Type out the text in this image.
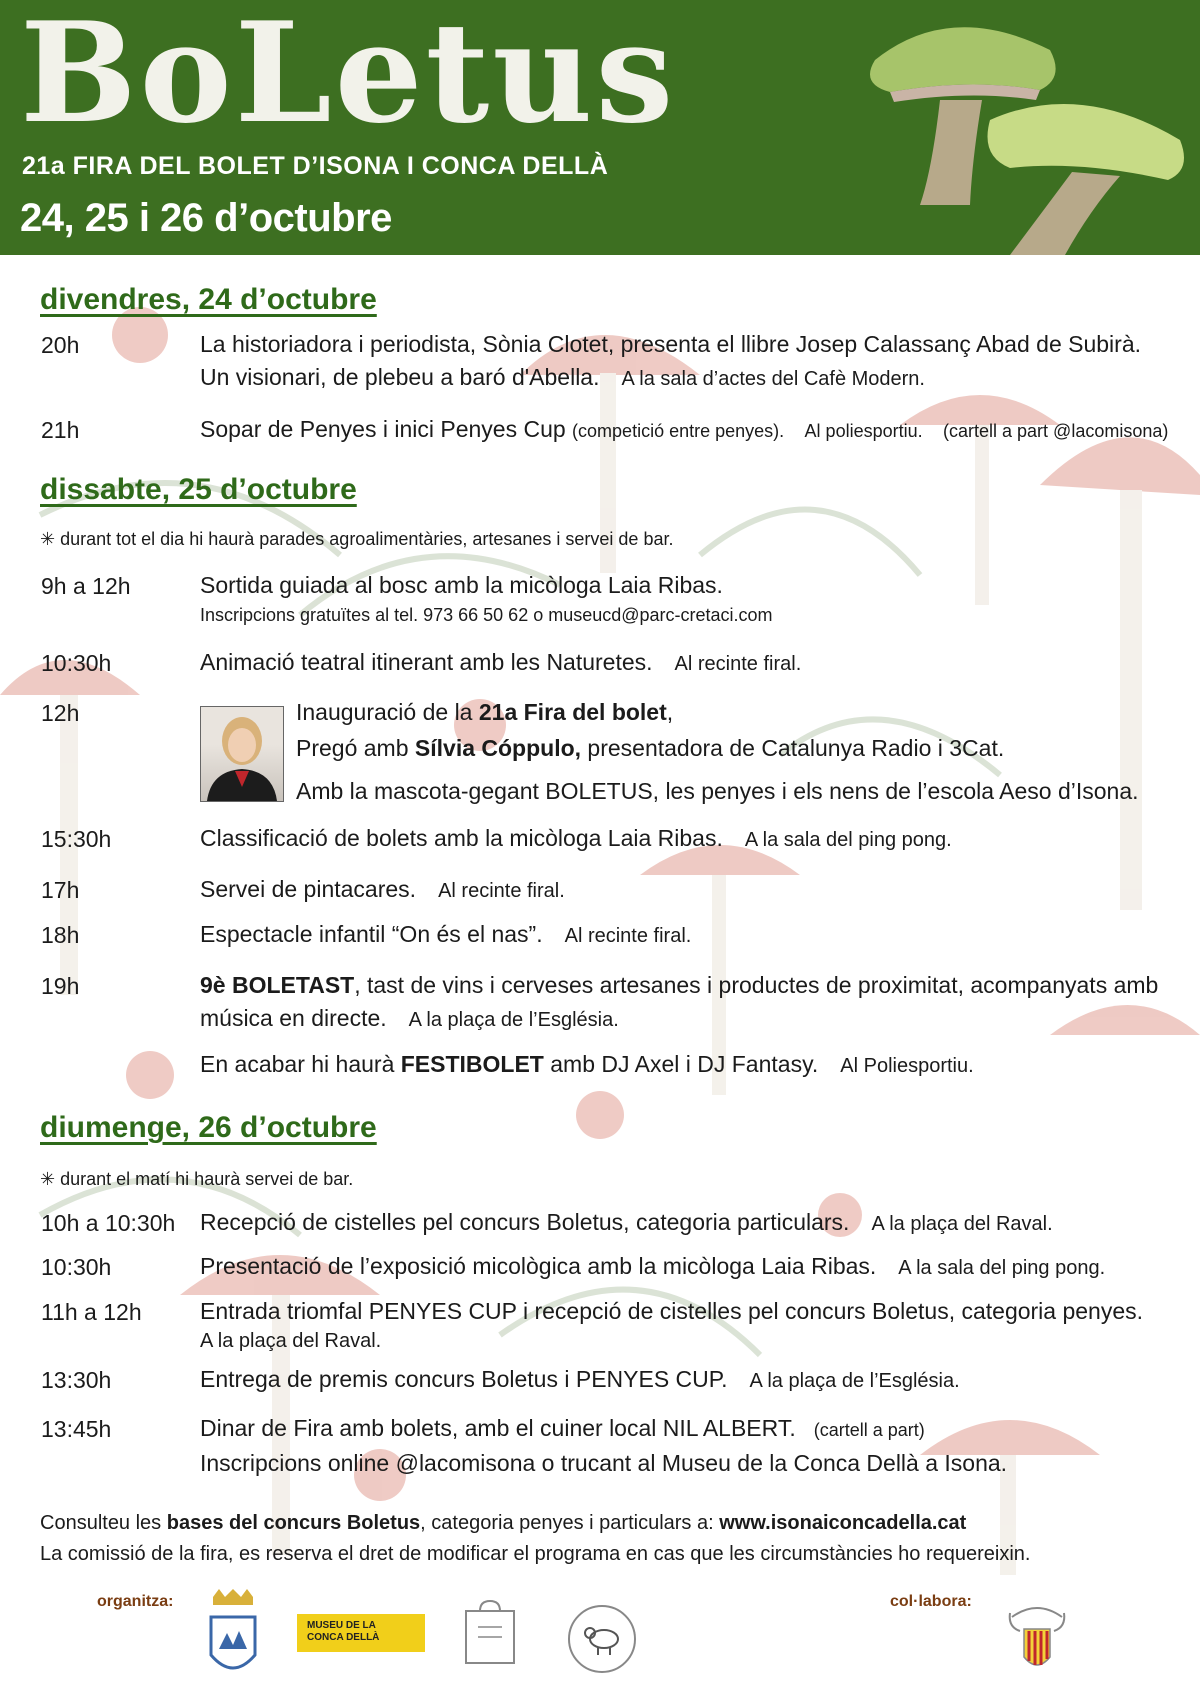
BoLetus
21a FIRA DEL BOLET D’ISONA I CONCA DELLÀ
24, 25 i 26 d’octubre
divendres, 24 d’octubre
20h	La historiadora i periodista, Sònia Clotet, presenta el llibre Josep Calassanç Abad de Subirà.
Un visionari, de plebeu a baró d'Abella. A la sala d’actes del Cafè Modern.
21h	Sopar de Penyes i inici Penyes Cup (competició entre penyes). Al poliesportiu. (cartell a part @lacomisona)
dissabte, 25 d’octubre
✳ durant tot el dia hi haurà parades agroalimentàries, artesanes i servei de bar.
9h a 12h	Sortida guiada al bosc amb la micòloga Laia Ribas.
Inscripcions gratuïtes al tel. 973 66 50 62 o museucd@parc-cretaci.com
10:30h	Animació teatral itinerant amb les Naturetes. Al recinte firal.
12h	Inauguració de la 21a Fira del bolet,
Pregó amb Sílvia Cóppulo, presentadora de Catalunya Radio i 3Cat.
Amb la mascota-gegant BOLETUS, les penyes i els nens de l’escola Aeso d’Isona.
15:30h	Classificació de bolets amb la micòloga Laia Ribas. A la sala del ping pong.
17h	Servei de pintacares. Al recinte firal.
18h	Espectacle infantil “On és el nas”. Al recinte firal.
19h	9è BOLETAST, tast de vins i cerveses artesanes i productes de proximitat, acompanyats amb
música en directe. A la plaça de l’Església.
En acabar hi haurà FESTIBOLET amb DJ Axel i DJ Fantasy. Al Poliesportiu.
diumenge, 26 d’octubre
✳ durant el matí hi haurà servei de bar.
10h a 10:30h Recepció de cistelles pel concurs Boletus, categoria particulars. A la plaça del Raval.
10:30h	Presentació de l’exposició micològica amb la micòloga Laia Ribas. A la sala del ping pong.
11h a 12h	Entrada triomfal PENYES CUP i recepció de cistelles pel concurs Boletus, categoria penyes.
A la plaça del Raval.
13:30h	Entrega de premis concurs Boletus i PENYES CUP. A la plaça de l’Església.
13:45h	Dinar de Fira amb bolets, amb el cuiner local NIL ALBERT. (cartell a part)
Inscripcions online @lacomisona o trucant al Museu de la Conca Dellà a Isona.
Consulteu les bases del concurs Boletus, categoria penyes i particulars a: www.isonaiconcadella.cat
La comissió de la fira, es reserva el dret de modificar el programa en cas que les circumstàncies ho requereixin.
organitza:
MUSEU DE LA
CONCA DELLÀ
col·labora:
